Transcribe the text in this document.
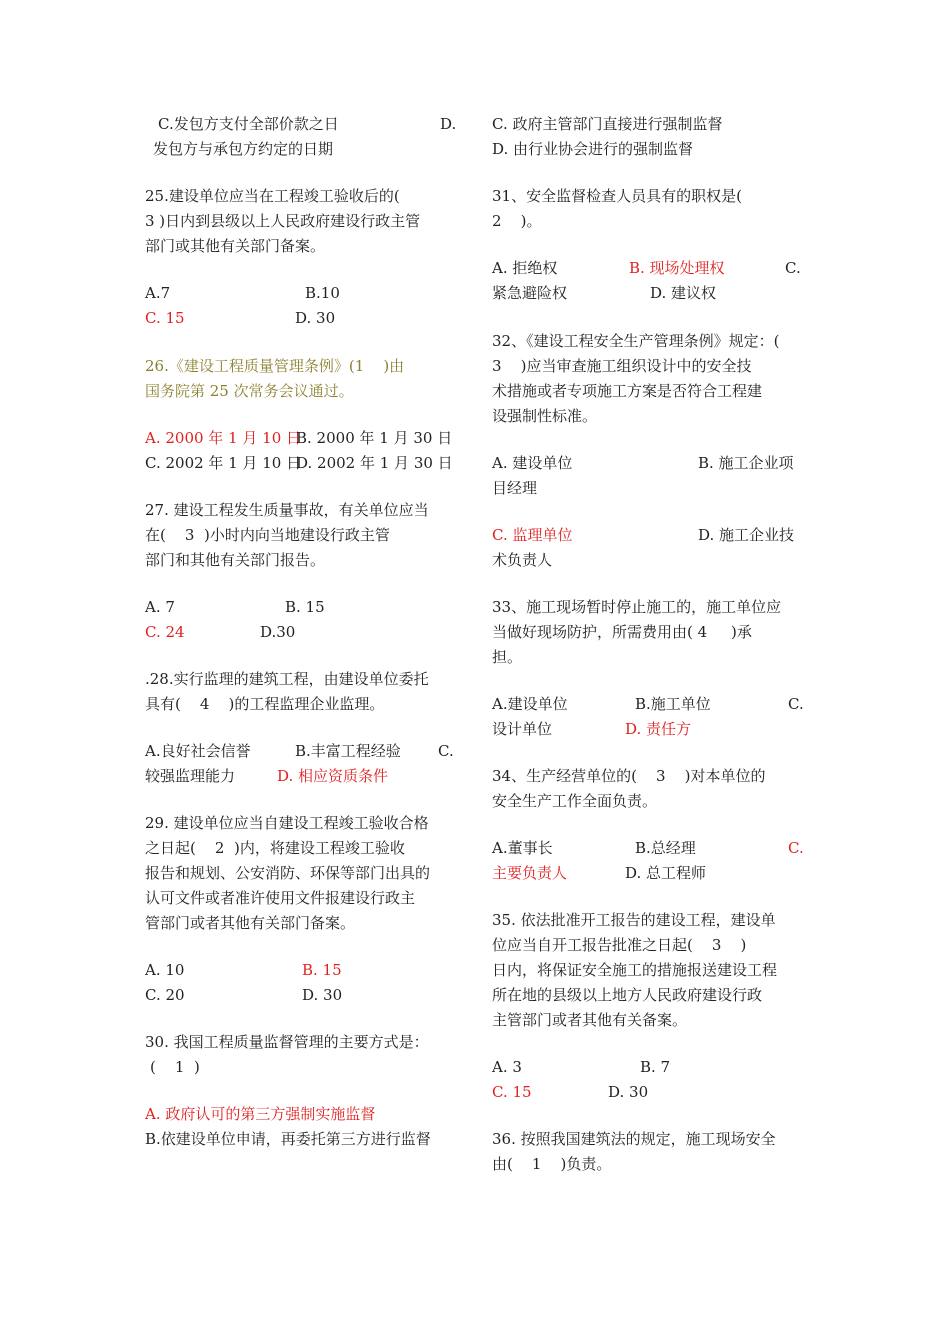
C.发包方支付全部价款之日	D.
发包方与承包方约定的日期
25.建设单位应当在工程竣工验收后的(
3 )日内到县级以上人民政府建设行政主管
部门或其他有关部门备案。
A.7	B.10
C. 15	D. 30
26.《建设工程质量管理条例》(1    )由
国务院第 25 次常务会议通过。
A. 2000 年 1 月 10 日
B. 2000 年 1 月 30 日
C. 2002 年 1 月 10 日
D. 2002 年 1 月 30 日
27. 建设工程发生质量事故，有关单位应当
在(    3  )小时内向当地建设行政主管
部门和其他有关部门报告。
A. 7	B. 15
C. 24	D.30
.28.实行监理的建筑工程，由建设单位委托
具有(    4    )的工程监理企业监理。
A.良好社会信誉	B.丰富工程经验 C.
较强监理能力	D. 相应资质条件
29. 建设单位应当自建设工程竣工验收合格
之日起(    2  )内，将建设工程竣工验收
报告和规划、公安消防、环保等部门出具的
认可文件或者准许使用文件报建设行政主
管部门或者其他有关部门备案。
A. 10	B. 15
C. 20	D. 30
30. 我国工程质量监督管理的主要方式是：
(    1  )
A. 政府认可的第三方强制实施监督
B.依建设单位申请，再委托第三方进行监督
C. 政府主管部门直接进行强制监督
D. 由行业协会进行的强制监督
31、安全监督检查人员具有的职权是(
2    )。
A. 拒绝权	B. 现场处理权	C.
紧急避险权	D. 建议权
32、《建设工程安全生产管理条例》规定：(
3    )应当审查施工组织设计中的安全技
术措施或者专项施工方案是否符合工程建
设强制性标准。
A. 建设单位	B. 施工企业项
目经理
C. 监理单位	D. 施工企业技
术负责人
33、施工现场暂时停止施工的，施工单位应
当做好现场防护，所需费用由( 4     )承
担。
A.建设单位	B.施工单位	C.
设计单位	D. 责任方
34、生产经营单位的(    3    )对本单位的
安全生产工作全面负责。
A.董事长	B.总经理	C.
主要负责人	D. 总工程师
35. 依法批准开工报告的建设工程，建设单
位应当自开工报告批准之日起(    3    )
日内，将保证安全施工的措施报送建设工程
所在地的县级以上地方人民政府建设行政
主管部门或者其他有关备案。
A. 3	B. 7
C. 15	D. 30
36. 按照我国建筑法的规定，施工现场安全
由(    1    )负责。
